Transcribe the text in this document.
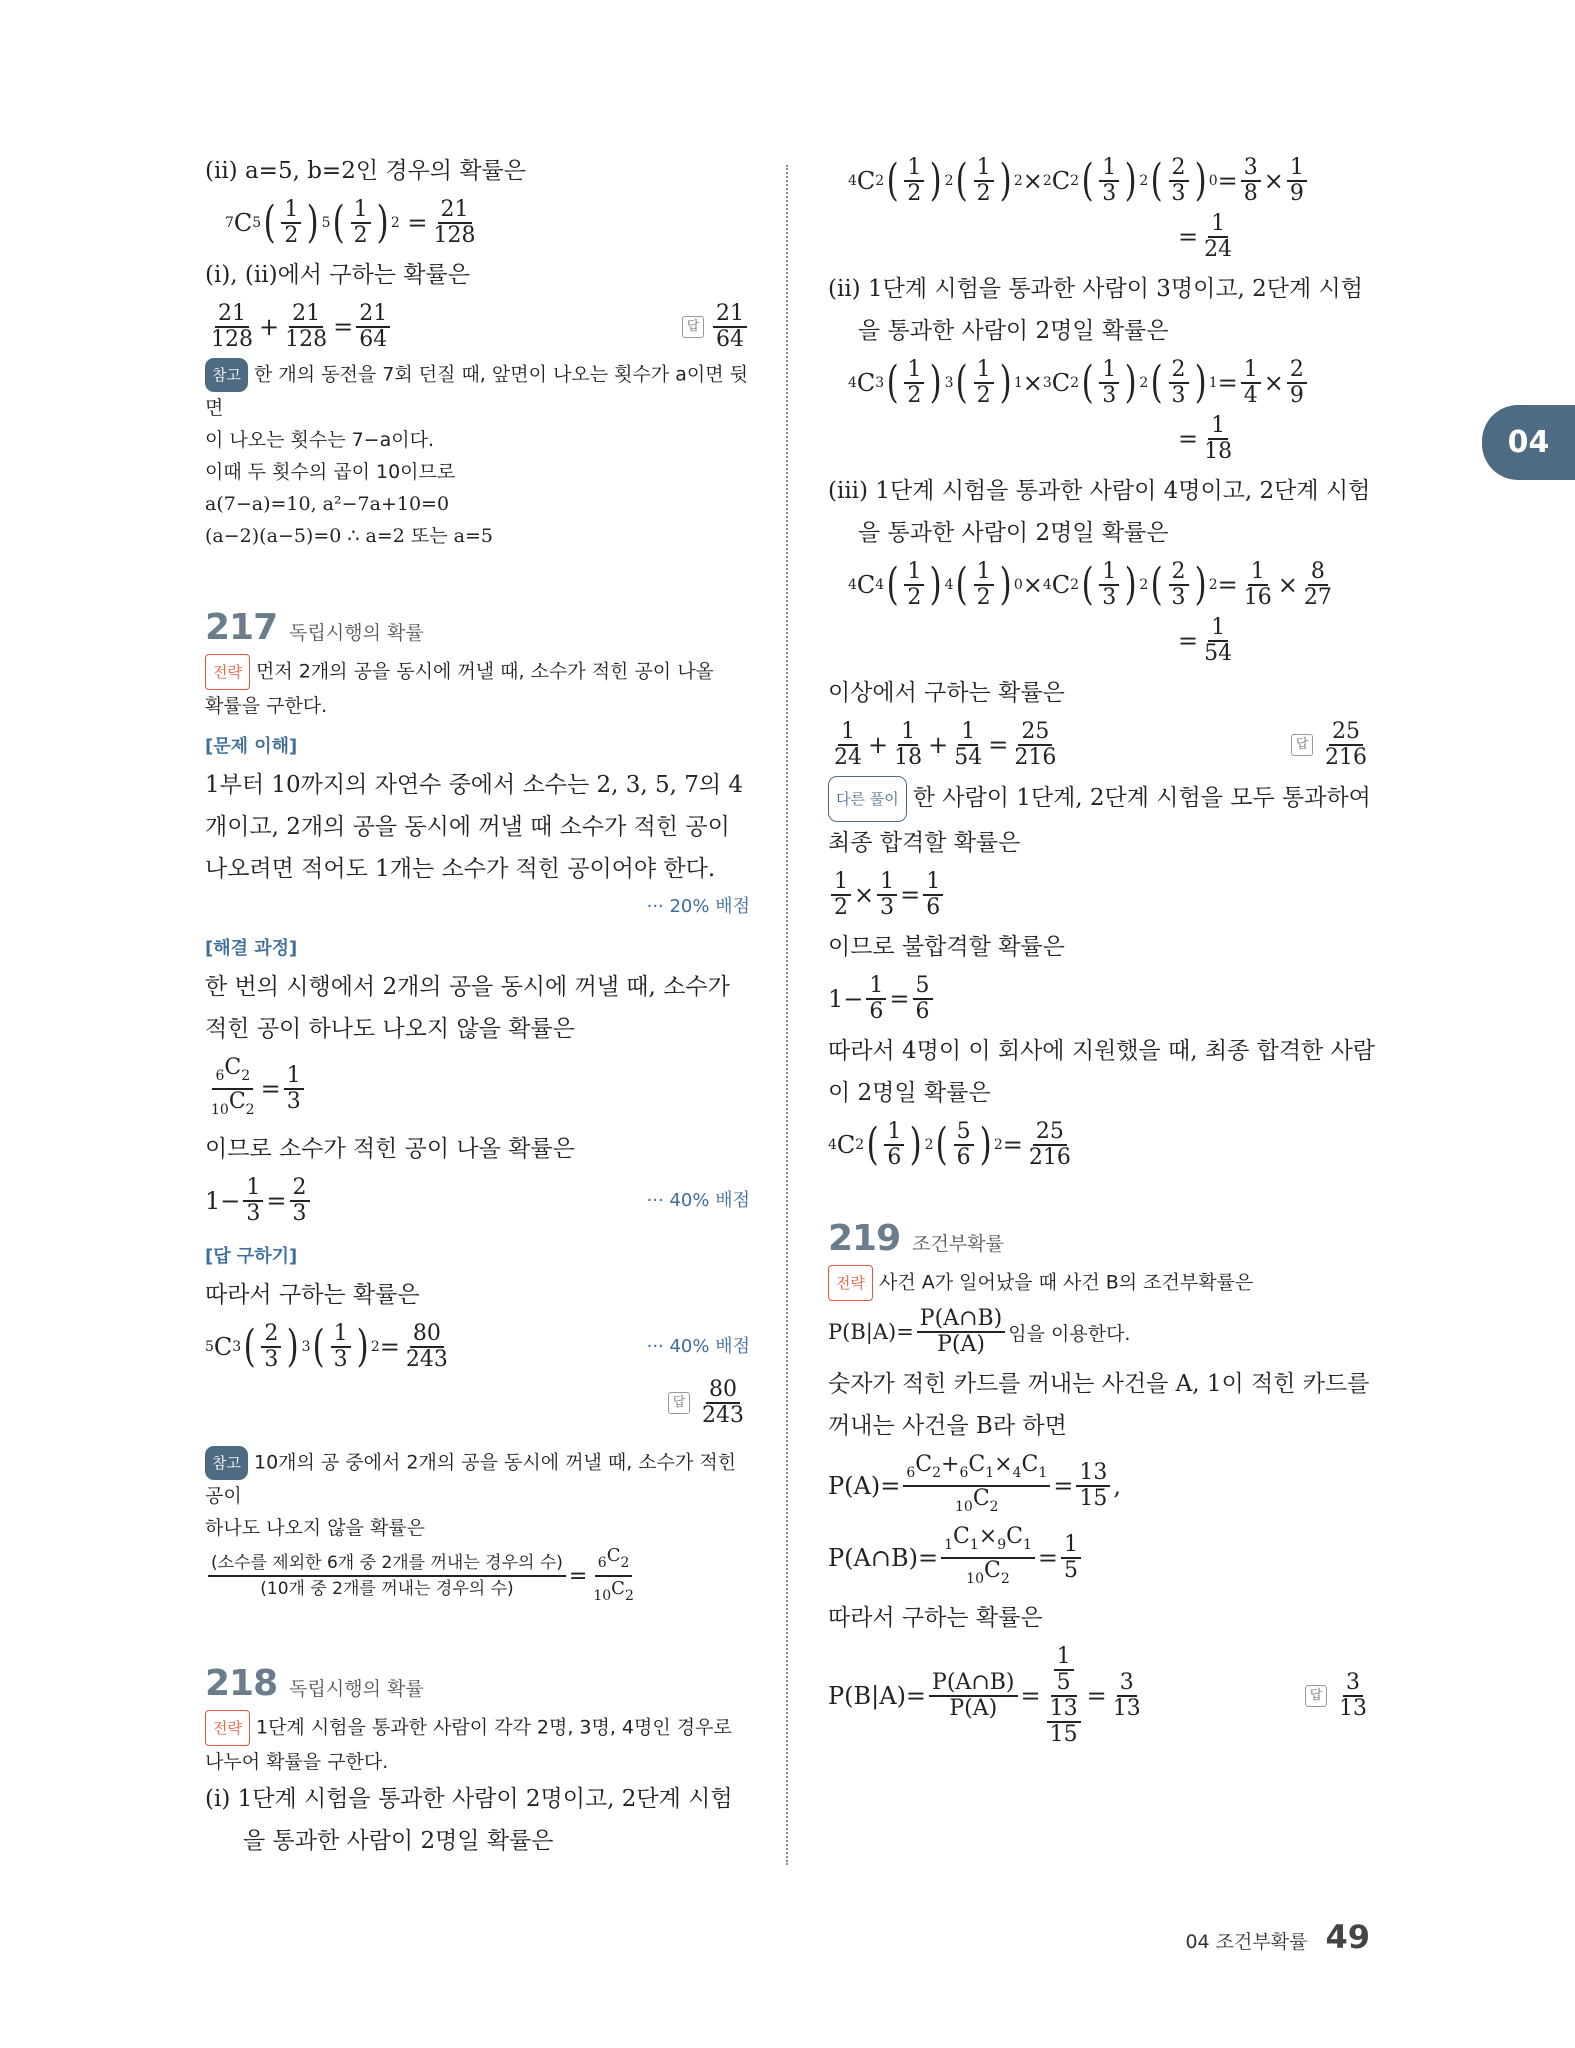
04
(ii) a=5, b=2인 경우의 확률은
7 C 5 ( $\frac{1}{2}$ ) 5 ( $\frac{1}{2}$ ) $2 = \frac{21}{128}$
(i), (ii)에서 구하는 확률은
$\frac{21}{128} + \frac{21}{128} = \frac{21}{64}$	답 $\frac{21}{64}$
참고 한 개의 동전을 7회 던질 때, 앞면이 나오는 횟수가 a이면 뒷면
이 나오는 횟수는 7−a이다.
이때 두 횟수의 곱이 10이므로
a(7−a)=10, a²−7a+10=0
(a−2)(a−5)=0 ∴ a=2 또는 a=5
217 독립시행의 확률
전략 먼저 2개의 공을 동시에 꺼낼 때, 소수가 적힌 공이 나올
확률을 구한다.
[문제 이해]
1부터 10까지의 자연수 중에서 소수는 2, 3, 5, 7의 4
개이고, 2개의 공을 동시에 꺼낼 때 소수가 적힌 공이
나오려면 적어도 1개는 소수가 적힌 공이어야 한다.
··· 20% 배점
[해결 과정]
한 번의 시행에서 2개의 공을 동시에 꺼낼 때, 소수가
적힌 공이 하나도 나오지 않을 확률은
$\frac{_6C_2}{_{10}C_2} = \frac{1}{3}$
이므로 소수가 적힌 공이 나올 확률은
$1- \frac{1}{3} = \frac{2}{3}$	··· 40% 배점
[답 구하기]
따라서 구하는 확률은
5 C 3 ( $\frac{2}{3}$ ) 3 ( $\frac{1}{3}$ ) $2 = \frac{80}{243}$	··· 40% 배점
답 $\frac{80}{243}$
참고 10개의 공 중에서 2개의 공을 동시에 꺼낼 때, 소수가 적힌 공이
하나도 나오지 않을 확률은
$\frac{\text{(소수를 제외한 6개 중 2개를 꺼내는 경우의 수)}}{\text{(10개 중 2개를 꺼내는 경우의 수)}} = \frac{_6C_2}{_{10}C_2}$
218 독립시행의 확률
전략 1단계 시험을 통과한 사람이 각각 2명, 3명, 4명인 경우로
나누어 확률을 구한다.
(i) 1단계 시험을 통과한 사람이 2명이고, 2단계 시험
을 통과한 사람이 2명일 확률은
4 C 2 ( $\frac{1}{2}$ ) 2 ( $\frac{1}{2}$ ) 2 × 2 C 2 ( $\frac{1}{3}$ ) 2 ( $\frac{2}{3}$ ) $0 = \frac{3}{8} \times \frac{1}{9}$
= $\frac{1}{24}$
(ii) 1단계 시험을 통과한 사람이 3명이고, 2단계 시험
을 통과한 사람이 2명일 확률은
4 C 3 ( $\frac{1}{2}$ ) 3 ( $\frac{1}{2}$ ) 1 × 3 C 2 ( $\frac{1}{3}$ ) 2 ( $\frac{2}{3}$ ) $1 = \frac{1}{4} \times \frac{2}{9}$
= $\frac{1}{18}$
(iii) 1단계 시험을 통과한 사람이 4명이고, 2단계 시험
을 통과한 사람이 2명일 확률은
4 C 4 ( $\frac{1}{2}$ ) 4 ( $\frac{1}{2}$ ) 0 × 4 C 2 ( $\frac{1}{3}$ ) 2 ( $\frac{2}{3}$ ) $2 = \frac{1}{16} \times \frac{8}{27}$
= $\frac{1}{54}$
이상에서 구하는 확률은
$\frac{1}{24} + \frac{1}{18} + \frac{1}{54} = \frac{25}{216}$	답 $\frac{25}{216}$
다른 풀이 한 사람이 1단계, 2단계 시험을 모두 통과하여
최종 합격할 확률은
$\frac{1}{2} \times \frac{1}{3} = \frac{1}{6}$
이므로 불합격할 확률은
$1- \frac{1}{6} = \frac{5}{6}$
따라서 4명이 이 회사에 지원했을 때, 최종 합격한 사람
이 2명일 확률은
4 C 2 ( $\frac{1}{6}$ ) 2 ( $\frac{5}{6}$ ) $2 = \frac{25}{216}$
219 조건부확률
전략 사건 A가 일어났을 때 사건 B의 조건부확률은
$P(B|A)= \frac{P(A\cap B)}{P(A)}$ 임을 이용한다.
숫자가 적힌 카드를 꺼내는 사건을 A, 1이 적힌 카드를
꺼내는 사건을 B라 하면
$P(A)= \frac{_6C_2+_6C_1\times_4C_1}{_{10}C_2} = \frac{13}{15}$ ,
P(A∩B)= $\frac{_1C_1\times_9C_1}{_{10}C_2} = \frac{1}{5}$
따라서 구하는 확률은
$P(B|A)= \frac{P(A\cap B)}{P(A)} = \frac{\frac{1}{5}}{\frac{13}{15}} = \frac{3}{13}$	답 $\frac{3}{13}$
04 조건부확률 49
